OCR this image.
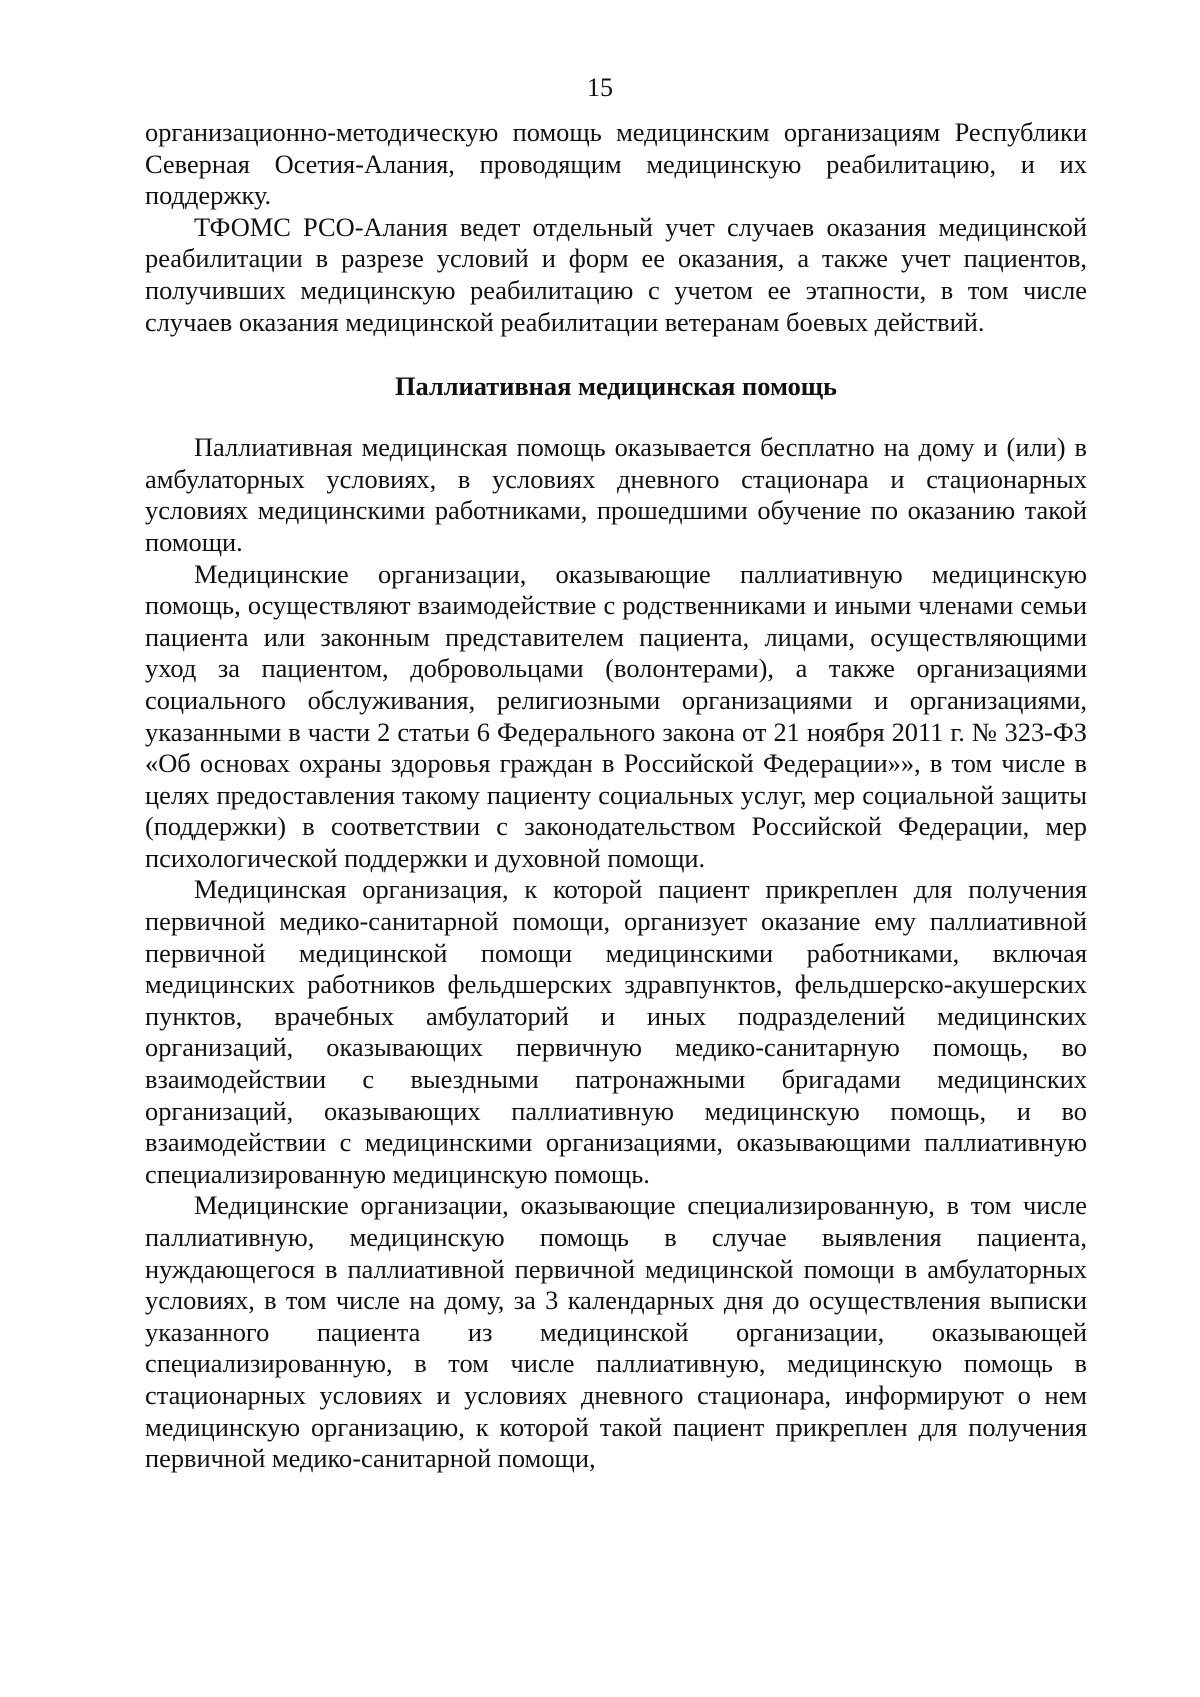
15

организационно-методическую помощь медицинским организациям Республики Северная Осетия-Алания, проводящим медицинскую реабилитацию, и их поддержку.

ТФОМС РСО-Алания ведет отдельный учет случаев оказания медицинской реабилитации в разрезе условий и форм ее оказания, а также учет пациентов, получивших медицинскую реабилитацию с учетом ее этапности, в том числе случаев оказания медицинской реабилитации ветеранам боевых действий.

Паллиативная медицинская помощь

Паллиативная медицинская помощь оказывается бесплатно на дому и (или) в амбулаторных условиях, в условиях дневного стационара и стационарных условиях медицинскими работниками, прошедшими обучение по оказанию такой помощи.

Медицинские организации, оказывающие паллиативную медицинскую помощь, осуществляют взаимодействие с родственниками и иными членами семьи пациента или законным представителем пациента, лицами, осуществляющими уход за пациентом, добровольцами (волонтерами), а также организациями социального обслуживания, религиозными организациями и организациями, указанными в части 2 статьи 6 Федерального закона от 21 ноября 2011 г. № 323-ФЗ «Об основах охраны здоровья граждан в Российской Федерации»», в том числе в целях предоставления такому пациенту социальных услуг, мер социальной защиты (поддержки) в соответствии с законодательством Российской Федерации, мер психологической поддержки и духовной помощи.

Медицинская организация, к которой пациент прикреплен для получения первичной медико-санитарной помощи, организует оказание ему паллиативной первичной медицинской помощи медицинскими работниками, включая медицинских работников фельдшерских здравпунктов, фельдшерско-акушерских пунктов, врачебных амбулаторий и иных подразделений медицинских организаций, оказывающих первичную медико-санитарную помощь, во взаимодействии с выездными патронажными бригадами медицинских организаций, оказывающих паллиативную медицинскую помощь, и во взаимодействии с медицинскими организациями, оказывающими паллиативную специализированную медицинскую помощь.

Медицинские организации, оказывающие специализированную, в том числе паллиативную, медицинскую помощь в случае выявления пациента, нуждающегося в паллиативной первичной медицинской помощи в амбулаторных условиях, в том числе на дому, за 3 календарных дня до осуществления выписки указанного пациента из медицинской организации, оказывающей специализированную, в том числе паллиативную, медицинскую помощь в стационарных условиях и условиях дневного стационара, информируют о нем медицинскую организацию, к которой такой пациент прикреплен для получения первичной медико-санитарной помощи,
